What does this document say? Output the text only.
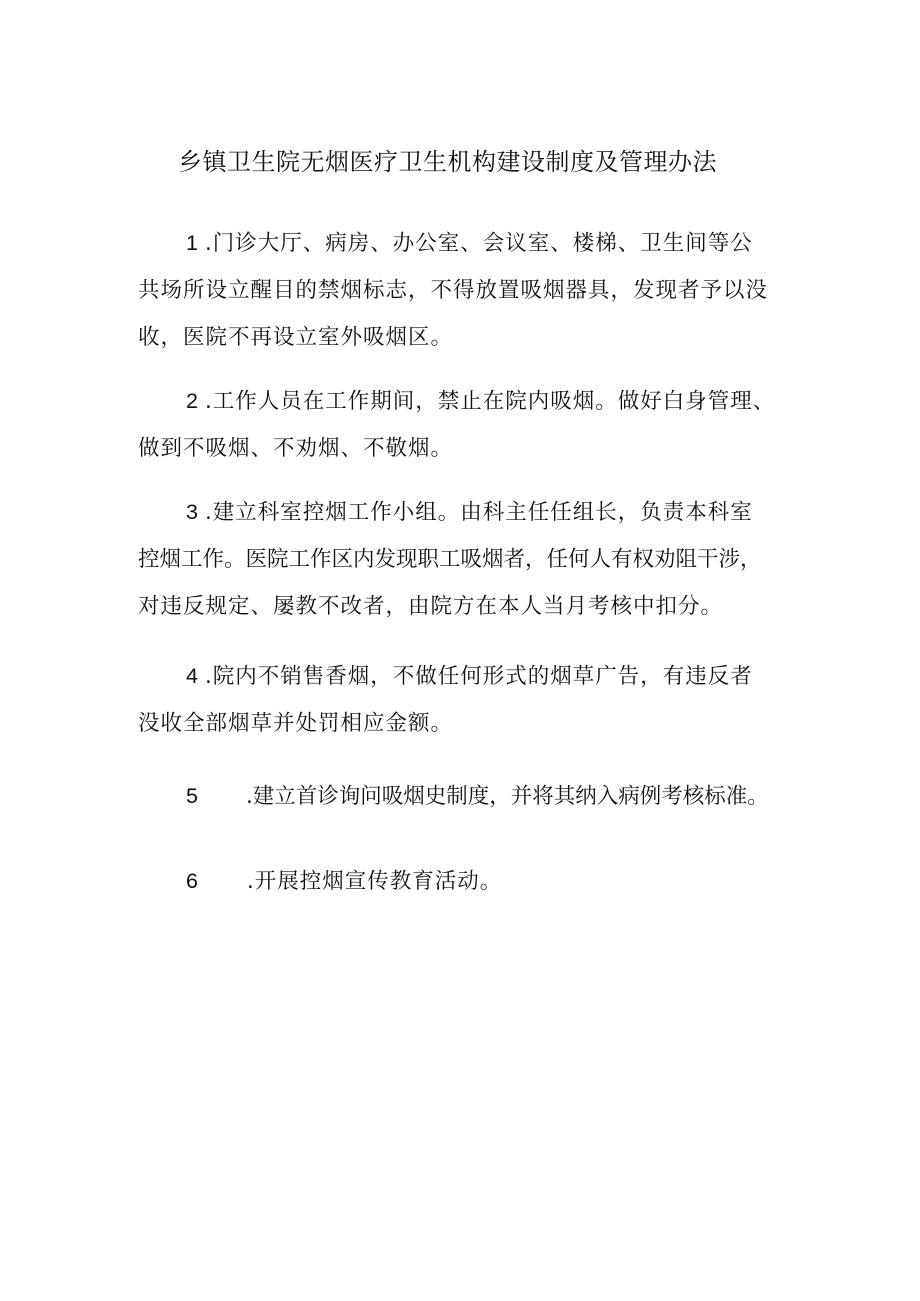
乡镇卫生院无烟医疗卫生机构建设制度及管理办法
1 .门诊大厅、病房、办公室、会议室、楼梯、卫生间等公
共场所设立醒目的禁烟标志，不得放置吸烟器具，发现者予以没
收，医院不再设立室外吸烟区。
2 .工作人员在工作期间，禁止在院内吸烟。做好白身管理、
做到不吸烟、不劝烟、不敬烟。
3 .建立科室控烟工作小组。由科主任任组长，负责本科室
控烟工作。医院工作区内发现职工吸烟者，任何人有权劝阻干涉，
对违反规定、屡教不改者，由院方在本人当月考核中扣分。
4 .院内不销售香烟，不做任何形式的烟草广告，有违反者
没收全部烟草并处罚相应金额。
5 .建立首诊询问吸烟史制度，并将其纳入病例考核标准。
6 .开展控烟宣传教育活动。
